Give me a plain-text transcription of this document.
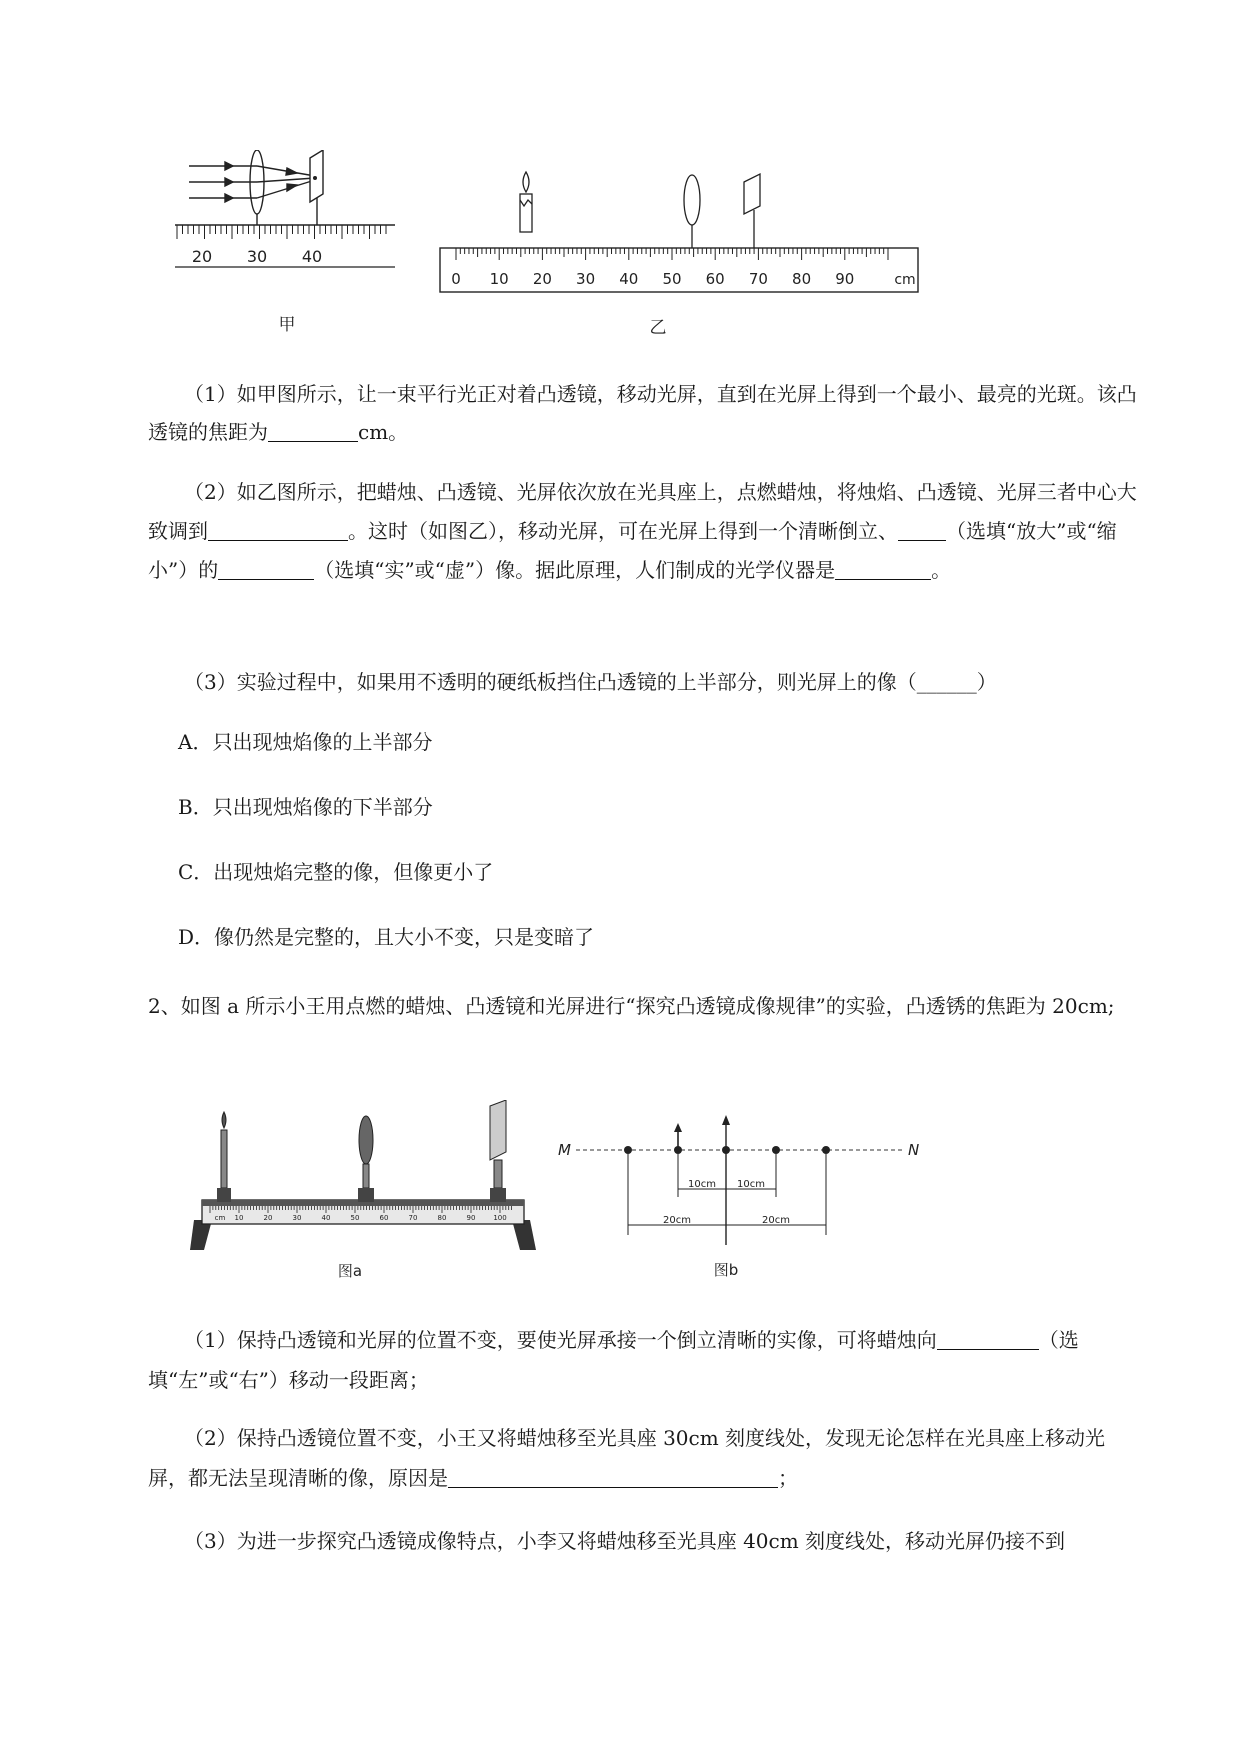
20 30 40
甲
0 10 20 30 40 50 60 70 80 90	cm
乙

（1）如甲图所示，让一束平行光正对着凸透镜，移动光屏，直到在光屏上得到一个最小、最亮的光斑。该凸透镜的焦距为	cm。

（2）如乙图所示，把蜡烛、凸透镜、光屏依次放在光具座上，点燃蜡烛，将烛焰、凸透镜、光屏三者中心大致调到	。这时（如图乙），移动光屏，可在光屏上得到一个清晰倒立、 （选填“放大”或“缩小”）的	（选填“实”或“虚”）像。据此原理，人们制成的光学仪器是	。

（3）实验过程中，如果用不透明的硬纸板挡住凸透镜的上半部分，则光屏上的像（______）

A．只出现烛焰像的上半部分
B．只出现烛焰像的下半部分
C．出现烛焰完整的像，但像更小了
D．像仍然是完整的，且大小不变，只是变暗了

2、如图 a 所示小王用点燃的蜡烛、凸透镜和光屏进行“探究凸透镜成像规律”的实验，凸透锈的焦距为 20cm;

10	20	30	40	50	60	70	80	90	100
cm
图a
M	N
10cm 10cm
20cm	20cm
图b

（1）保持凸透镜和光屏的位置不变，要使光屏承接一个倒立清晰的实像，可将蜡烛向	（选填“左”或“右”）移动一段距离；

（2）保持凸透镜位置不变，小王又将蜡烛移至光具座 30cm 刻度线处，发现无论怎样在光具座上移动光屏，都无法呈现清晰的像，原因是	；

（3）为进一步探究凸透镜成像特点，小李又将蜡烛移至光具座 40cm 刻度线处，移动光屏仍接不到
